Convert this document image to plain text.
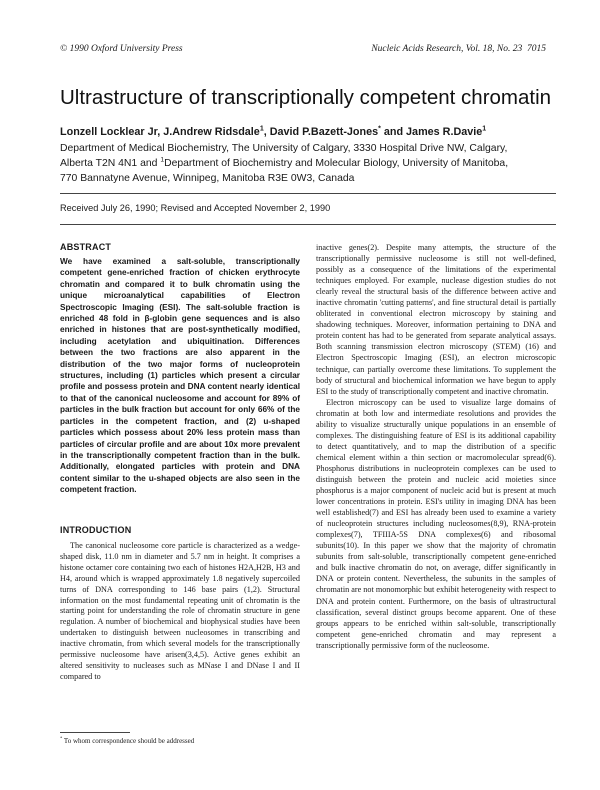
© 1990 Oxford University Press	Nucleic Acids Research, Vol. 18, No. 23 7015
Ultrastructure of transcriptionally competent chromatin
Lonzell Locklear Jr, J.Andrew Ridsdale$^1$, David P.Bazett-Jones* and James R.Davie$^1$
Department of Medical Biochemistry, The University of Calgary, 3330 Hospital Drive NW, Calgary,
Alberta T2N 4N1 and $^1$Department of Biochemistry and Molecular Biology, University of Manitoba,
770 Bannatyne Avenue, Winnipeg, Manitoba R3E 0W3, Canada
Received July 26, 1990; Revised and Accepted November 2, 1990
ABSTRACT

We have examined a salt-soluble, transcriptionally competent gene-enriched fraction of chicken erythrocyte chromatin and compared it to bulk chromatin using the unique microanalytical capabilities of Electron Spectroscopic Imaging (ESI). The salt-soluble fraction is enriched 48 fold in β-globin gene sequences and is also enriched in histones that are post-synthetically modified, including acetylation and ubiquitination. Differences between the two fractions are also apparent in the distribution of the two major forms of nucleoprotein structures, including (1) particles which present a circular profile and possess protein and DNA content nearly identical to that of the canonical nucleosome and account for 89% of particles in the bulk fraction but account for only 66% of the particles in the competent fraction, and (2) u-shaped particles which possess about 20% less protein mass than particles of circular profile and are about 10x more prevalent in the transcriptionally competent fraction than in the bulk. Additionally, elongated particles with protein and DNA content similar to the u-shaped objects are also seen in the competent fraction.

INTRODUCTION

The canonical nucleosome core particle is characterized as a wedge-shaped disk, 11.0 nm in diameter and 5.7 nm in height. It comprises a histone octamer core containing two each of histones H2A,H2B, H3 and H4, around which is wrapped approximately 1.8 negatively supercoiled turns of DNA corresponding to 146 base pairs (1,2). Structural information on the most fundamental repeating unit of chromatin is the starting point for understanding the role of chromatin structure in gene regulation. A number of biochemical and biophysical studies have been undertaken to distinguish between nucleosomes in transcribing and inactive chromatin, from which several models for the transcriptionally permissive nucleosome have arisen(3,4,5). Active genes exhibit an altered sensitivity to nucleases such as MNase I and DNase I and II compared to

inactive genes(2). Despite many attempts, the structure of the transcriptionally permissive nucleosome is still not well-defined, possibly as a consequence of the limitations of the experimental techniques employed. For example, nuclease digestion studies do not clearly reveal the structural basis of the difference between active and inactive chromatin 'cutting patterns', and fine structural detail is partially obliterated in conventional electron microscopy by staining and shadowing techniques. Moreover, information pertaining to DNA and protein content has had to be generated from separate analytical assays. Both scanning transmission electron microscopy (STEM) (16) and Electron Spectroscopic Imaging (ESI), an electron microscopic technique, can partially overcome these limitations. To supplement the body of structural and biochemical information we have begun to apply ESI to the study of transcriptionally competent and inactive chromatin.

Electron microscopy can be used to visualize large domains of chromatin at both low and intermediate resolutions and provides the ability to visualize structurally unique populations in an ensemble of complexes. The distinguishing feature of ESI is its additional capability to detect quantitatively, and to map the distribution of a specific chemical element within a thin section or macromolecular spread(6). Phosphorus distributions in nucleoprotein complexes can be used to distinguish between the protein and nucleic acid moieties since phosphorus is a major component of nucleic acid but is present at much lower concentrations in protein. ESI's utility in imaging DNA has been well established(7) and ESI has already been used to examine a variety of nucleoprotein structures including nucleosomes(8,9), RNA-protein complexes(7), TFIIIA-5S DNA complexes(6) and ribosomal subunits(10). In this paper we show that the majority of chromatin subunits from salt-soluble, transcriptionally competent gene-enriched and bulk inactive chromatin do not, on average, differ significantly in DNA or protein content. Nevertheless, the subunits in the samples of chromatin are not monomorphic but exhibit heterogeneity with respect to DNA and protein content. Furthermore, on the basis of ultrastructural classification, several distinct groups become apparent. One of these groups appears to be enriched within salt-soluble, transcriptionally competent gene-enriched chromatin and may represent a transcriptionally permissive form of the nucleosome.

* To whom correspondence should be addressed
